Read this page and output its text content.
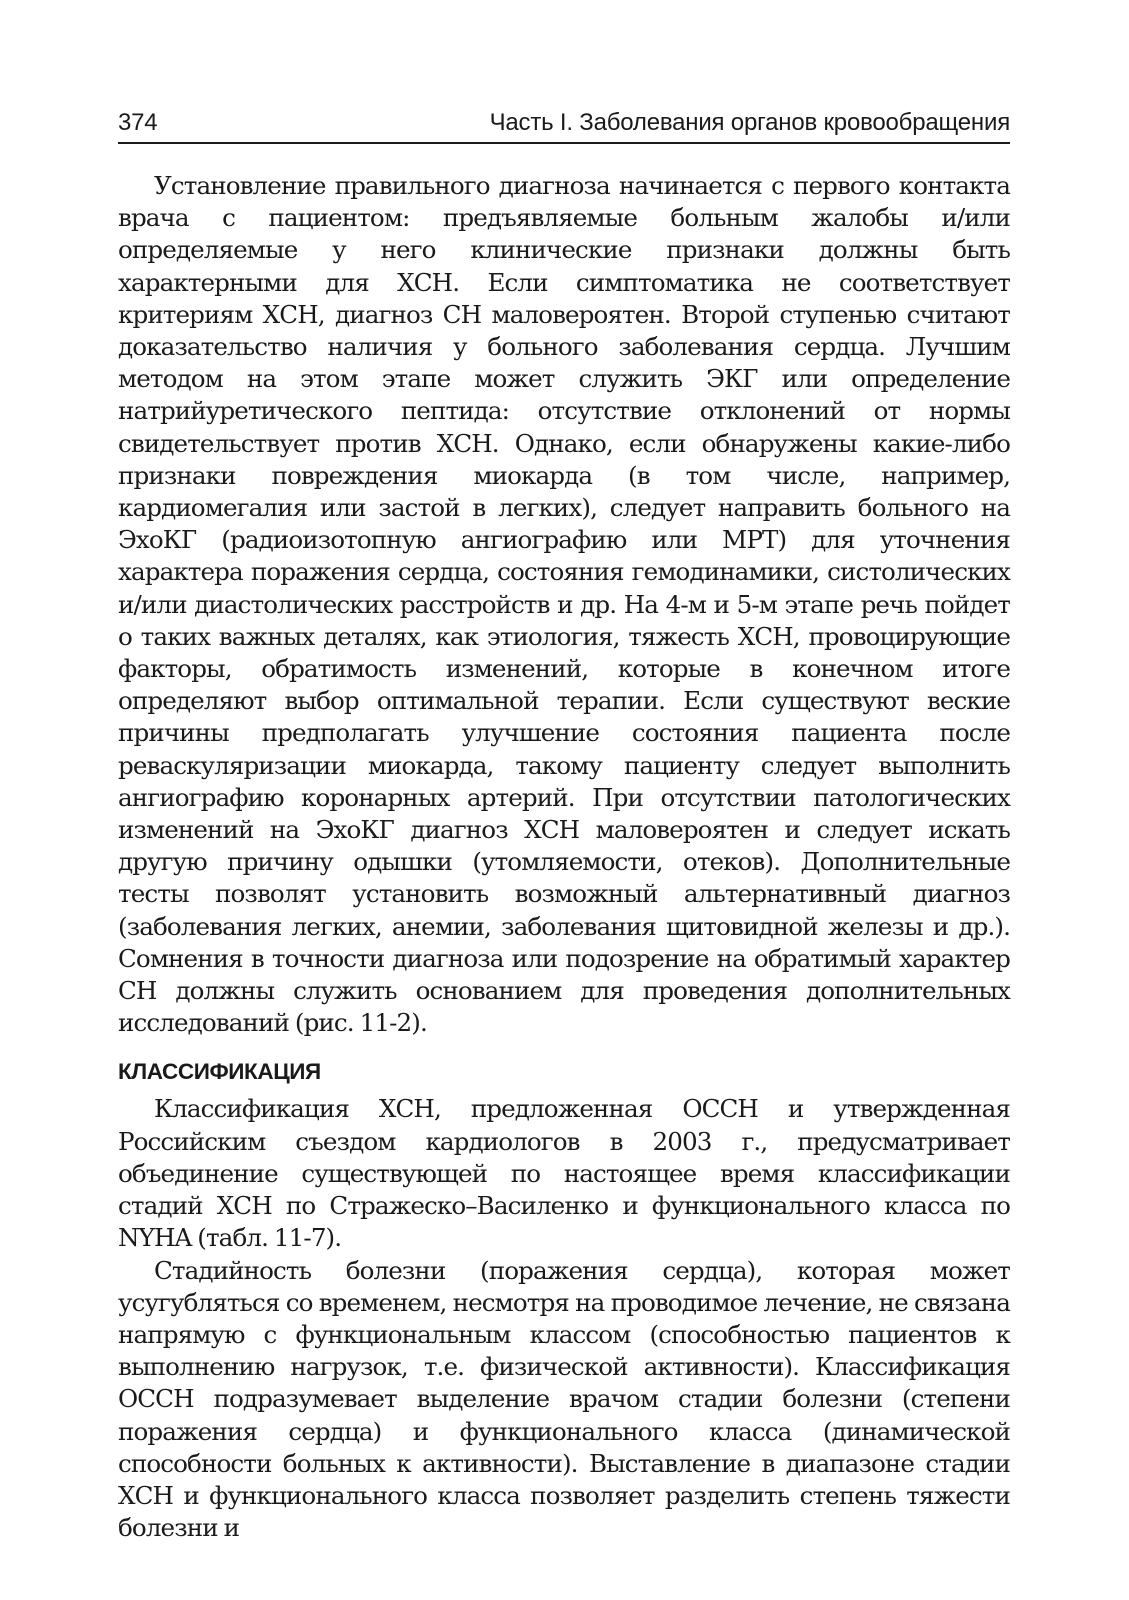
374	Часть I. Заболевания органов кровообращения

Установление правильного диагноза начинается с первого контакта врача с пациентом: предъявляемые больным жалобы и/или определяемые у него клинические признаки должны быть характерными для ХСН. Если симптоматика не соответствует критериям ХСН, диагноз СН маловероятен. Второй ступенью считают доказательство наличия у больного заболевания сердца. Лучшим методом на этом этапе может служить ЭКГ или определение натрийуретического пептида: отсутствие отклонений от нормы свидетельствует против ХСН. Однако, если обнаружены какие-либо признаки повреждения миокарда (в том числе, например, кардиомегалия или застой в легких), следует направить больного на ЭхоКГ (радиоизотопную ангиографию или МРТ) для уточнения характера поражения сердца, состояния гемодинамики, систолических и/или диастолических расстройств и др. На 4-м и 5-м этапе речь пойдет о таких важных деталях, как этиология, тяжесть ХСН, провоцирующие факторы, обратимость изменений, которые в конечном итоге определяют выбор оптимальной терапии. Если существуют веские причины предполагать улучшение состояния пациента после реваскуляризации миокарда, такому пациенту следует выполнить ангиографию коронарных артерий. При отсутствии патологических изменений на ЭхоКГ диагноз ХСН маловероятен и следует искать другую причину одышки (утомляемости, отеков). Дополнительные тесты позволят установить возможный альтернативный диагноз (заболевания легких, анемии, заболевания щитовидной железы и др.). Сомнения в точности диагноза или подозрение на обратимый характер СН должны служить основанием для проведения дополнительных исследований (рис. 11-2).

КЛАССИФИКАЦИЯ

Классификация ХСН, предложенная ОССН и утвержденная Российским съездом кардиологов в 2003 г., предусматривает объединение существующей по настоящее время классификации стадий ХСН по Стражеско–Василенко и функционального класса по NYHA (табл. 11-7).

Стадийность болезни (поражения сердца), которая может усугубляться со временем, несмотря на проводимое лечение, не связана напрямую с функциональным классом (способностью пациентов к выполнению нагрузок, т.е. физической активности). Классификация ОССН подразумевает выделение врачом стадии болезни (степени поражения сердца) и функционального класса (динамической способности больных к активности). Выставление в диапазоне стадии ХСН и функционального класса позволяет разделить степень тяжести болезни и
